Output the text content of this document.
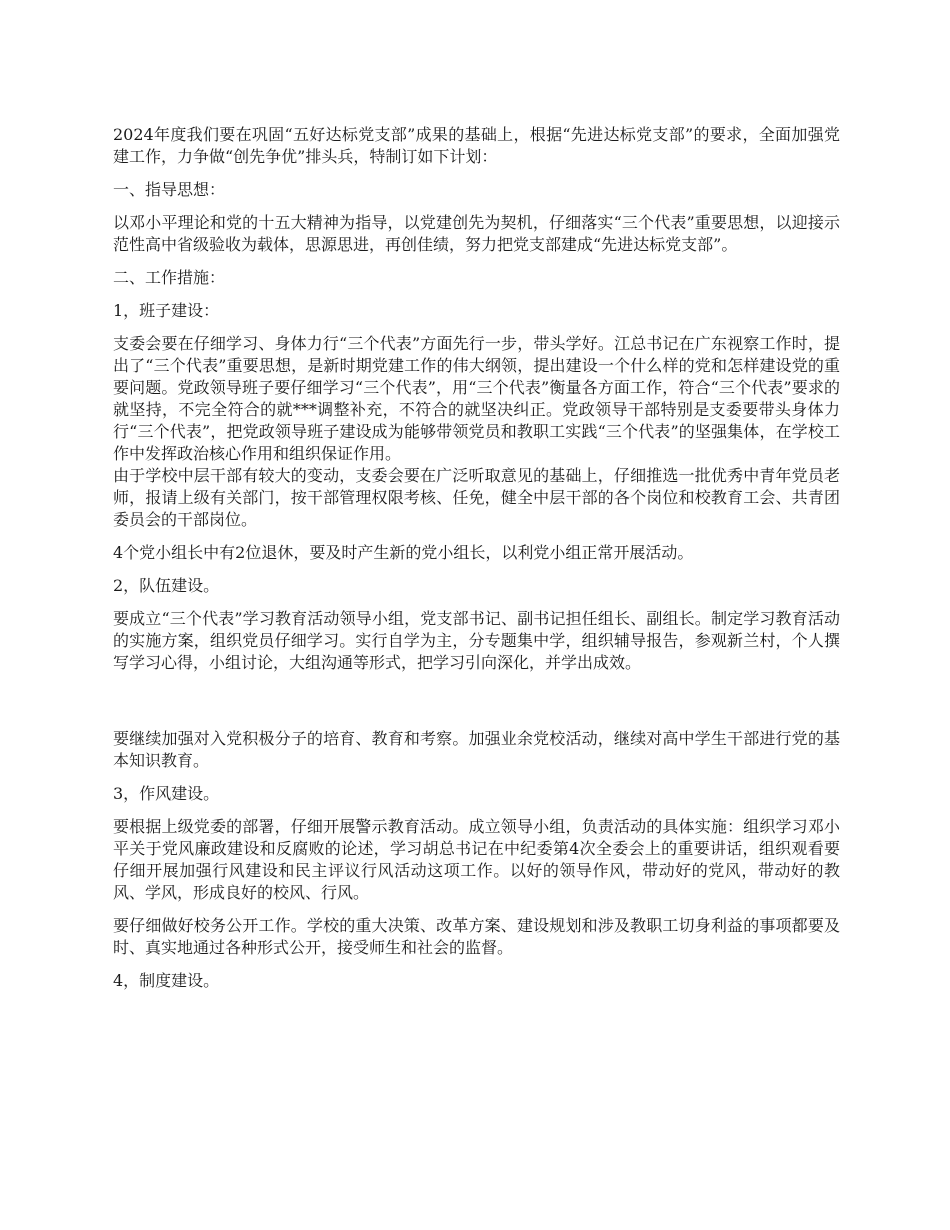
2024年度我们要在巩固“五好达标党支部”成果的基础上，根据“先进达标党支部”的要求，全面加强党建工作，力争做“创先争优”排头兵，特制订如下计划：

一、指导思想：

以邓小平理论和党的十五大精神为指导，以党建创先为契机，仔细落实“三个代表”重要思想，以迎接示范性高中省级验收为载体，思源思进，再创佳绩，努力把党支部建成“先进达标党支部”。

二、工作措施：

1，班子建设：

支委会要在仔细学习、身体力行“三个代表”方面先行一步，带头学好。江总书记在广东视察工作时，提出了“三个代表”重要思想，是新时期党建工作的伟大纲领，提出建设一个什么样的党和怎样建设党的重要问题。党政领导班子要仔细学习“三个代表”，用“三个代表”衡量各方面工作，符合“三个代表”要求的就坚持，不完全符合的就***调整补充，不符合的就坚决纠正。党政领导干部特别是支委要带头身体力行“三个代表”，把党政领导班子建设成为能够带领党员和教职工实践“三个代表”的坚强集体，在学校工作中发挥政治核心作用和组织保证作用。

由于学校中层干部有较大的变动，支委会要在广泛听取意见的基础上，仔细推选一批优秀中青年党员老师，报请上级有关部门，按干部管理权限考核、任免，健全中层干部的各个岗位和校教育工会、共青团委员会的干部岗位。

4个党小组长中有2位退休，要及时产生新的党小组长，以利党小组正常开展活动。

2，队伍建设。

要成立“三个代表”学习教育活动领导小组，党支部书记、副书记担任组长、副组长。制定学习教育活动的实施方案，组织党员仔细学习。实行自学为主，分专题集中学，组织辅导报告，参观新兰村，个人撰写学习心得，小组讨论，大组沟通等形式，把学习引向深化，并学出成效。

要继续加强对入党积极分子的培育、教育和考察。加强业余党校活动，继续对高中学生干部进行党的基本知识教育。

3，作风建设。

要根据上级党委的部署，仔细开展警示教育活动。成立领导小组，负责活动的具体实施：组织学习邓小平关于党风廉政建设和反腐败的论述，学习胡总书记在中纪委第4次全委会上的重要讲话，组织观看要仔细开展加强行风建设和民主评议行风活动这项工作。以好的领导作风，带动好的党风，带动好的教风、学风，形成良好的校风、行风。

要仔细做好校务公开工作。学校的重大决策、改革方案、建设规划和涉及教职工切身利益的事项都要及时、真实地通过各种形式公开，接受师生和社会的监督。

4，制度建设。
